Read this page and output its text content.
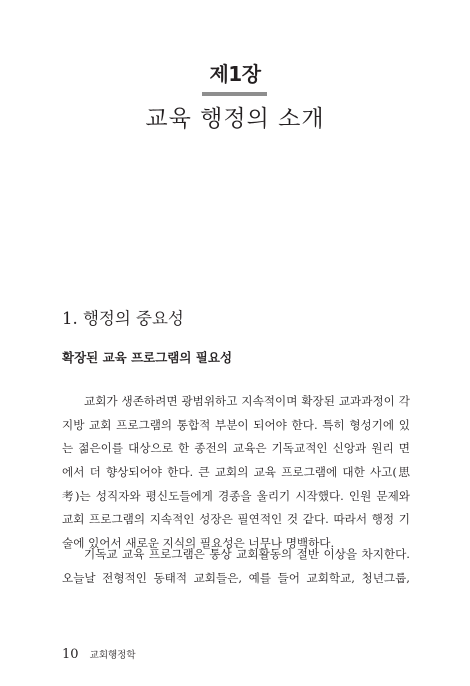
제1장
교육 행정의 소개
1. 행정의 중요성
확장된 교육 프로그램의 필요성
교회가 생존하려면 광범위하고 지속적이며 확장된 교과과정이 각
지방 교회 프로그램의 통합적 부분이 되어야 한다. 특히 형성기에 있
는 젊은이를 대상으로 한 종전의 교육은 기독교적인 신앙과 원리 면
에서 더 향상되어야 한다. 큰 교회의 교육 프로그램에 대한 사고(思
考)는 성직자와 평신도들에게 경종을 울리기 시작했다. 인원 문제와
교회 프로그램의 지속적인 성장은 필연적인 것 같다. 따라서 행정 기
술에 있어서 새로운 지식의 필요성은 너무나 명백하다.
기독교 교육 프로그램은 통상 교회활동의 절반 이상을 차지한다.
오늘날 전형적인 동태적 교회들은, 예를 들어 교회학교, 청년그룹,
10 교회행정학
